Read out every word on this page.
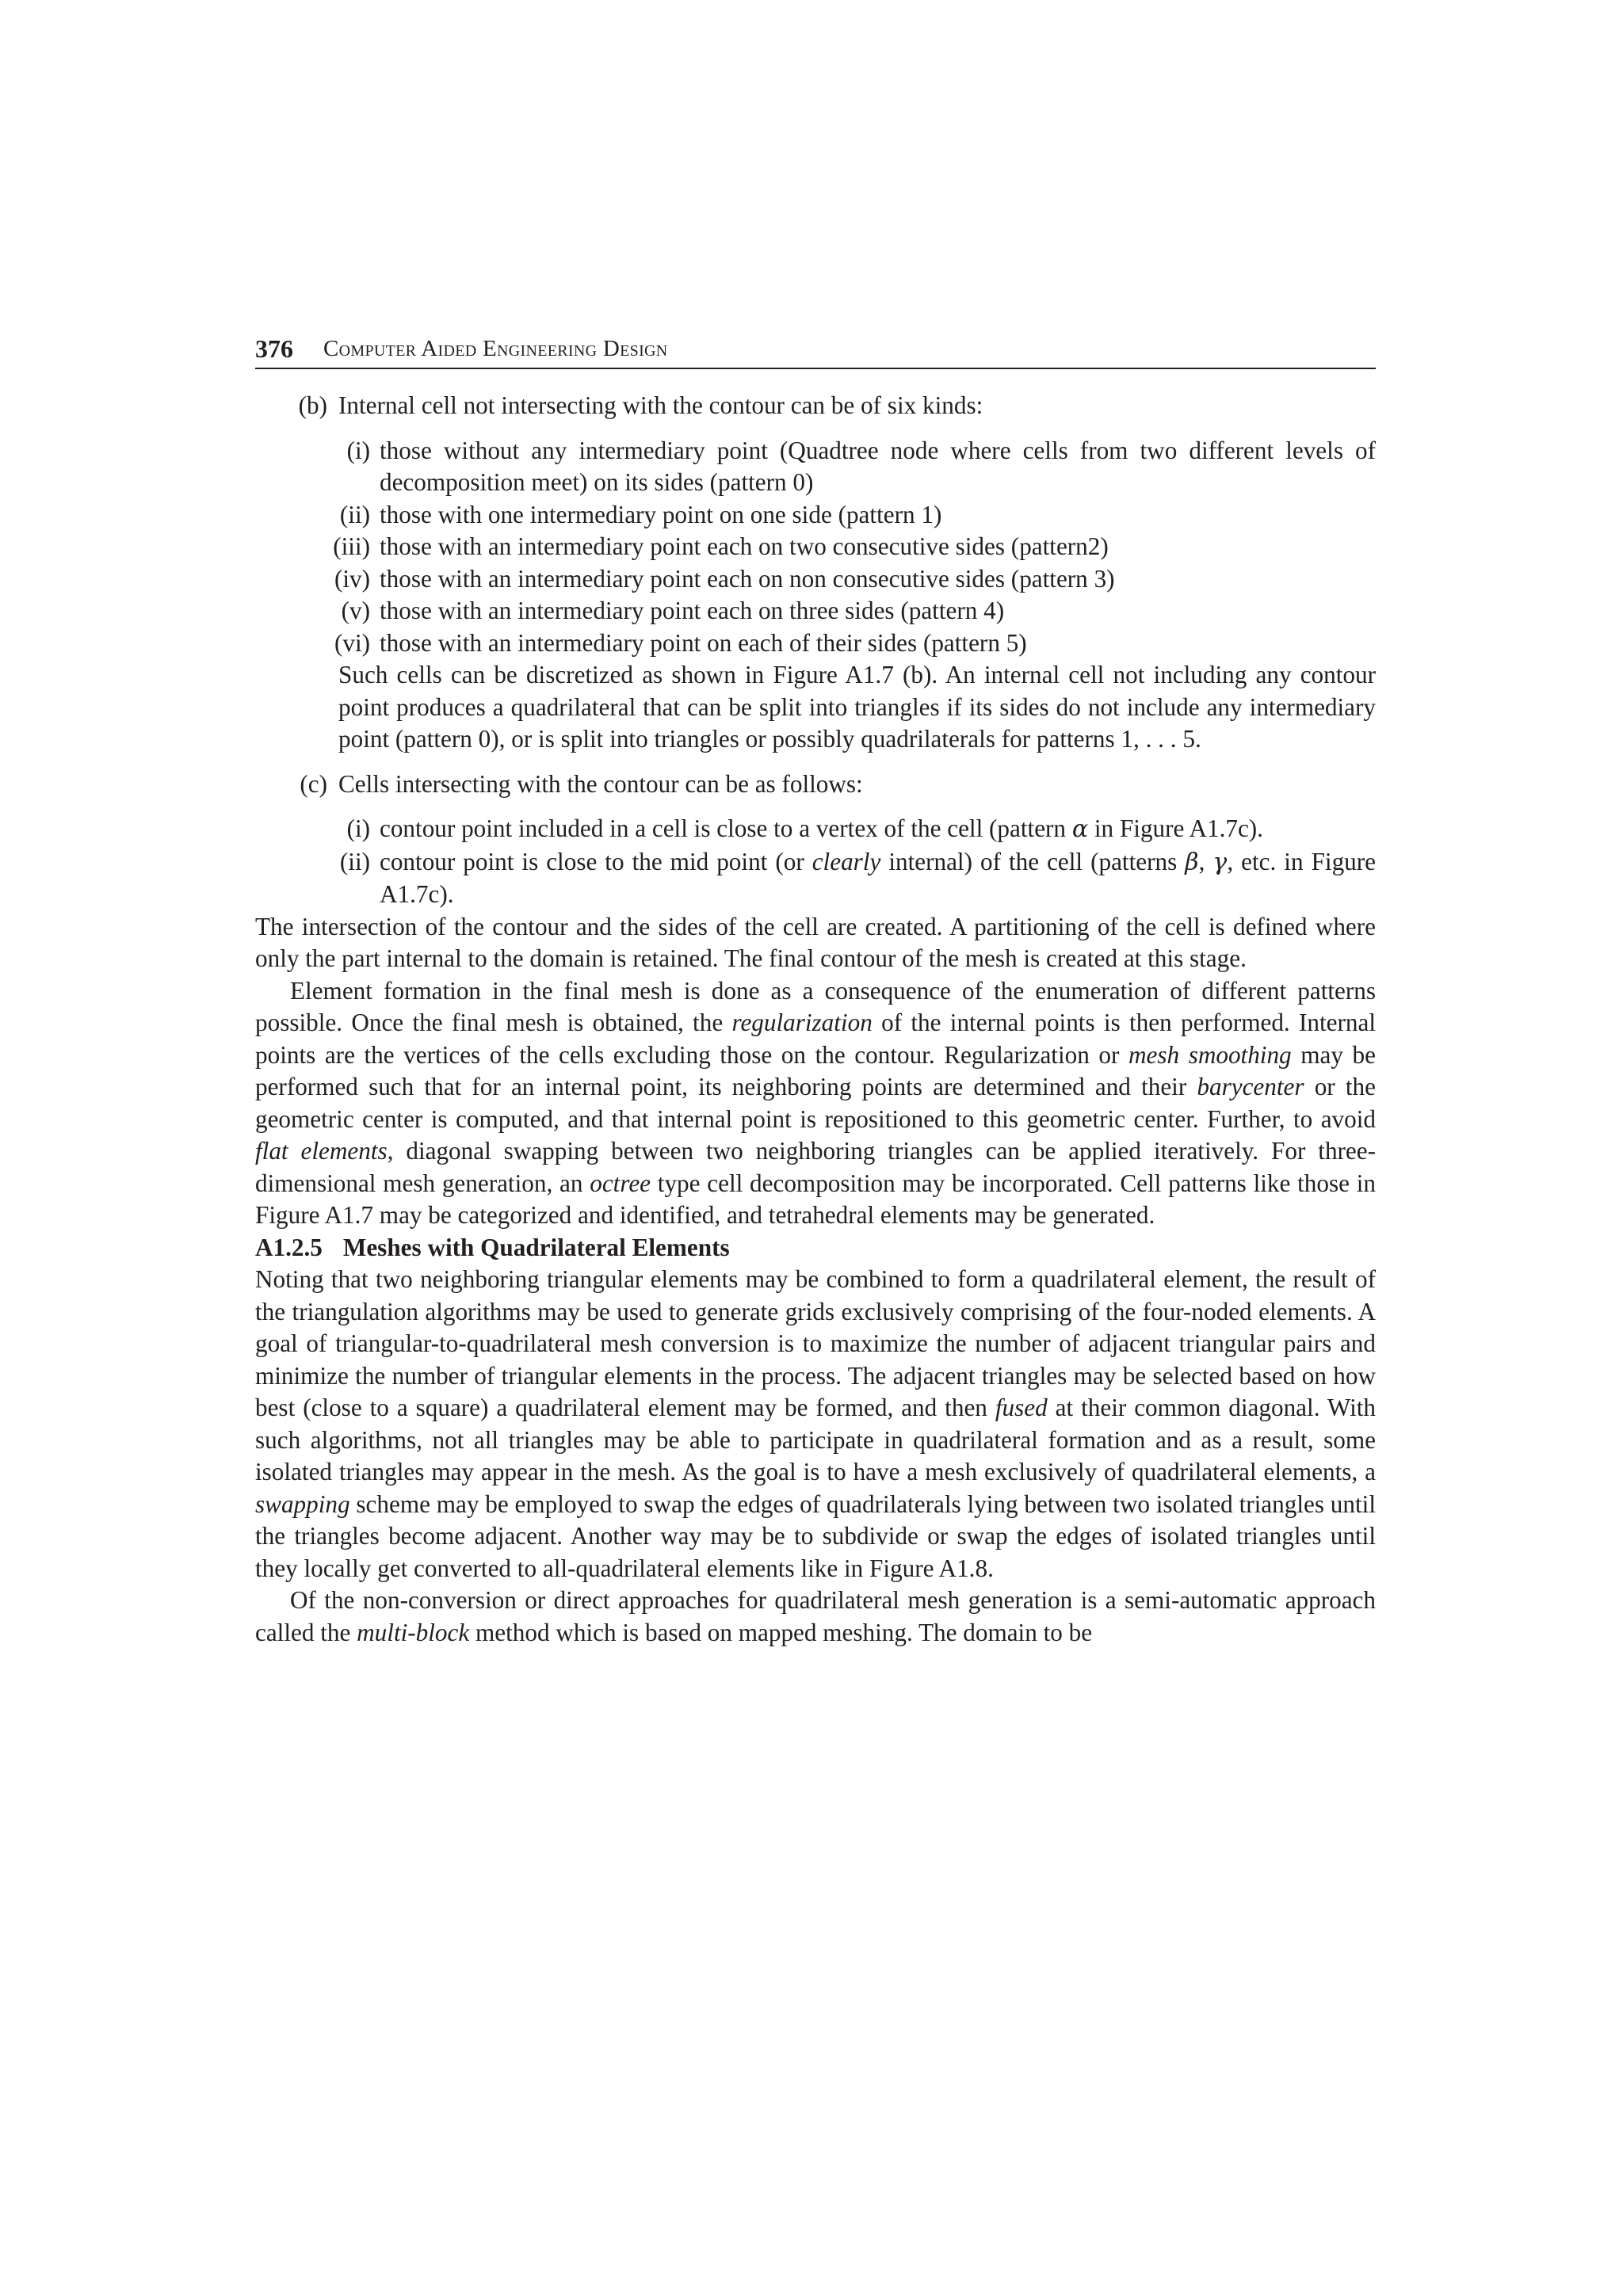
376 Computer Aided Engineering Design
(b) Internal cell not intersecting with the contour can be of six kinds:
(i) those without any intermediary point (Quadtree node where cells from two different levels of decomposition meet) on its sides (pattern 0)
(ii) those with one intermediary point on one side (pattern 1)
(iii) those with an intermediary point each on two consecutive sides (pattern2)
(iv) those with an intermediary point each on non consecutive sides (pattern 3)
(v) those with an intermediary point each on three sides (pattern 4)
(vi) those with an intermediary point on each of their sides (pattern 5)

Such cells can be discretized as shown in Figure A1.7 (b). An internal cell not including any contour point produces a quadrilateral that can be split into triangles if its sides do not include any intermediary point (pattern 0), or is split into triangles or possibly quadrilaterals for patterns 1, . . . 5.

(c) Cells intersecting with the contour can be as follows:
(i) contour point included in a cell is close to a vertex of the cell (pattern α in Figure A1.7c).
(ii) contour point is close to the mid point (or clearly internal) of the cell (patterns β, γ, etc. in Figure A1.7c).

The intersection of the contour and the sides of the cell are created. A partitioning of the cell is defined where only the part internal to the domain is retained. The final contour of the mesh is created at this stage.

Element formation in the final mesh is done as a consequence of the enumeration of different patterns possible. Once the final mesh is obtained, the regularization of the internal points is then performed. Internal points are the vertices of the cells excluding those on the contour. Regularization or mesh smoothing may be performed such that for an internal point, its neighboring points are determined and their barycenter or the geometric center is computed, and that internal point is repositioned to this geometric center. Further, to avoid flat elements, diagonal swapping between two neighboring triangles can be applied iteratively. For three-dimensional mesh generation, an octree type cell decomposition may be incorporated. Cell patterns like those in Figure A1.7 may be categorized and identified, and tetrahedral elements may be generated.

A1.2.5 Meshes with Quadrilateral Elements

Noting that two neighboring triangular elements may be combined to form a quadrilateral element, the result of the triangulation algorithms may be used to generate grids exclusively comprising of the four-noded elements. A goal of triangular-to-quadrilateral mesh conversion is to maximize the number of adjacent triangular pairs and minimize the number of triangular elements in the process. The adjacent triangles may be selected based on how best (close to a square) a quadrilateral element may be formed, and then fused at their common diagonal. With such algorithms, not all triangles may be able to participate in quadrilateral formation and as a result, some isolated triangles may appear in the mesh. As the goal is to have a mesh exclusively of quadrilateral elements, a swapping scheme may be employed to swap the edges of quadrilaterals lying between two isolated triangles until the triangles become adjacent. Another way may be to subdivide or swap the edges of isolated triangles until they locally get converted to all-quadrilateral elements like in Figure A1.8.

Of the non-conversion or direct approaches for quadrilateral mesh generation is a semi-automatic approach called the multi-block method which is based on mapped meshing. The domain to be
